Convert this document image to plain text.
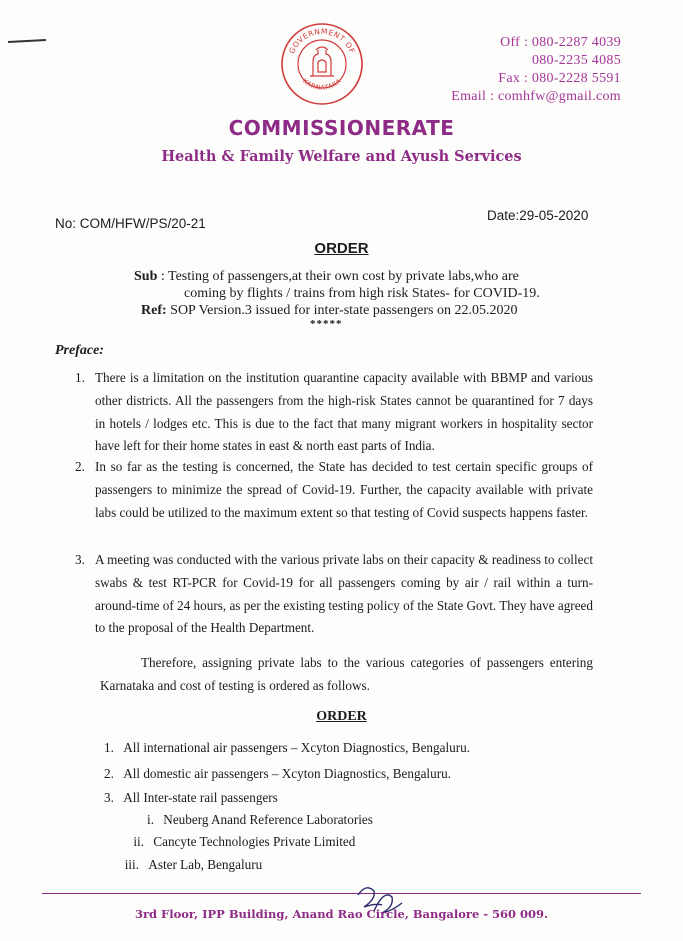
GOVERNMENT OF
KARNATAKA
Off : 080-2287 4039
080-2235 4085
Fax : 080-2228 5591
Email : comhfw@gmail.com
COMMISSIONERATE
Health & Family Welfare and Ayush Services
No: COM/HFW/PS/20-21
Date:29-05-2020
ORDER
Sub : Testing of passengers,at their own cost by private labs,who are
coming by flights / trains from high risk States- for COVID-19.
Ref: SOP Version.3 issued for inter-state passengers on 22.05.2020
*****
Preface:
1. There is a limitation on the institution quarantine capacity available with BBMP and various other districts. All the passengers from the high-risk States cannot be quarantined for 7 days in hotels / lodges etc. This is due to the fact that many migrant workers in hospitality sector have left for their home states in east & north east parts of India.
2. In so far as the testing is concerned, the State has decided to test certain specific groups of passengers to minimize the spread of Covid-19. Further, the capacity available with private labs could be utilized to the maximum extent so that testing of Covid suspects happens faster.
3. A meeting was conducted with the various private labs on their capacity & readiness to collect swabs & test RT-PCR for Covid-19 for all passengers coming by air / rail within a turn-around-time of 24 hours, as per the existing testing policy of the State Govt. They have agreed to the proposal of the Health Department.
Therefore, assigning private labs to the various categories of passengers entering Karnataka and cost of testing is ordered as follows.
ORDER
1. All international air passengers – Xcyton Diagnostics, Bengaluru.
2. All domestic air passengers – Xcyton Diagnostics, Bengaluru.
3. All Inter-state rail passengers
i. Neuberg Anand Reference Laboratories
ii. Cancyte Technologies Private Limited
iii. Aster Lab, Bengaluru
3rd Floor, IPP Building, Anand Rao Circle, Bangalore - 560 009.
